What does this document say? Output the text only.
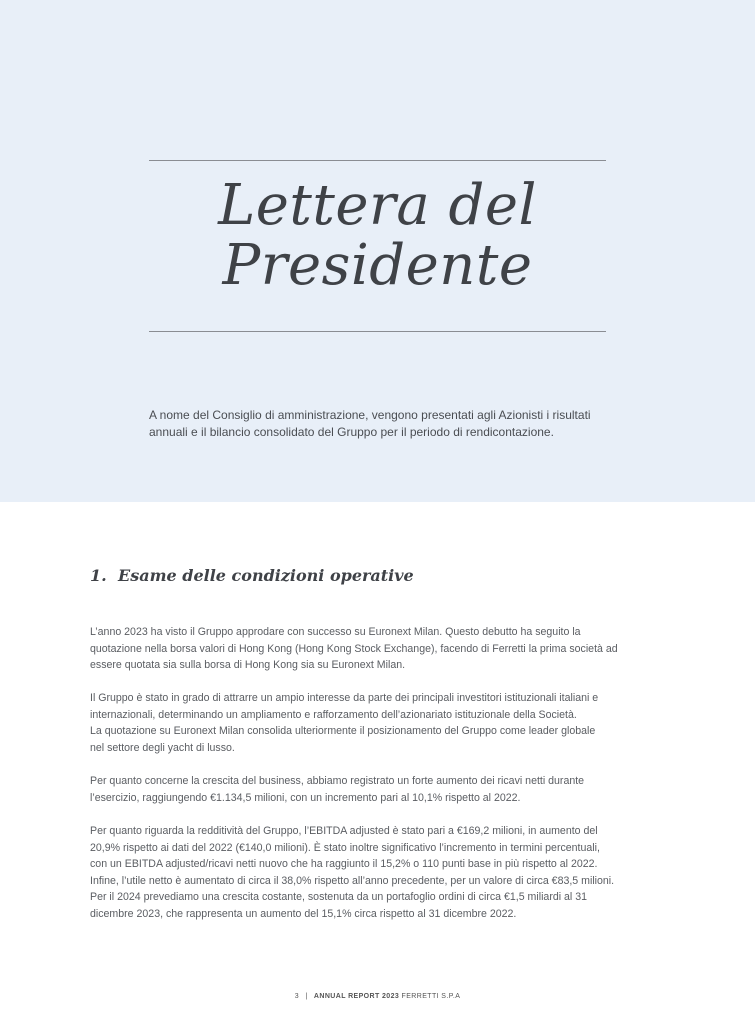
Lettera del
Presidente

A nome del Consiglio di amministrazione, vengono presentati agli Azionisti i risultati
annuali e il bilancio consolidato del Gruppo per il periodo di rendicontazione.

1. Esame delle condizioni operative

L’anno 2023 ha visto il Gruppo approdare con successo su Euronext Milan. Questo debutto ha seguito la
quotazione nella borsa valori di Hong Kong (Hong Kong Stock Exchange), facendo di Ferretti la prima società ad
essere quotata sia sulla borsa di Hong Kong sia su Euronext Milan.

Il Gruppo è stato in grado di attrarre un ampio interesse da parte dei principali investitori istituzionali italiani e
internazionali, determinando un ampliamento e rafforzamento dell’azionariato istituzionale della Società.
La quotazione su Euronext Milan consolida ulteriormente il posizionamento del Gruppo come leader globale
nel settore degli yacht di lusso.

Per quanto concerne la crescita del business, abbiamo registrato un forte aumento dei ricavi netti durante
l’esercizio, raggiungendo €1.134,5 milioni, con un incremento pari al 10,1% rispetto al 2022.

Per quanto riguarda la redditività del Gruppo, l’EBITDA adjusted è stato pari a €169,2 milioni, in aumento del
20,9% rispetto ai dati del 2022 (€140,0 milioni). È stato inoltre significativo l’incremento in termini percentuali,
con un EBITDA adjusted/ricavi netti nuovo che ha raggiunto il 15,2% o 110 punti base in più rispetto al 2022.
Infine, l’utile netto è aumentato di circa il 38,0% rispetto all’anno precedente, per un valore di circa €83,5 milioni.
Per il 2024 prevediamo una crescita costante, sostenuta da un portafoglio ordini di circa €1,5 miliardi al 31
dicembre 2023, che rappresenta un aumento del 15,1% circa rispetto al 31 dicembre 2022.

3 | ANNUAL REPORT 2023 FERRETTI S.P.A
